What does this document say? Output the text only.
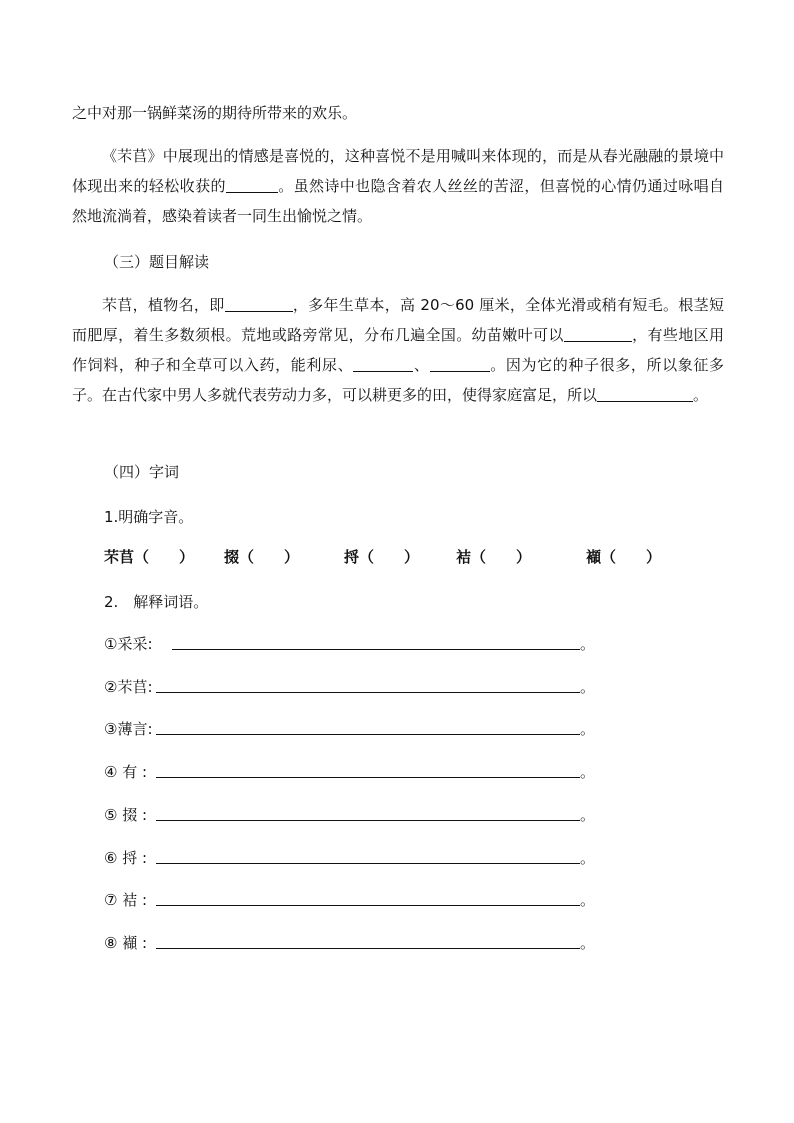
之中对那一锅鲜菜汤的期待所带来的欢乐。

《芣苢》中展现出的情感是喜悦的，这种喜悦不是用喊叫来体现的，而是从春光融融的景境中体现出来的轻松收获的	。虽然诗中也隐含着农人丝丝的苦涩，但喜悦的心情仍通过咏唱自然地流淌着，感染着读者一同生出愉悦之情。

（三）题目解读

芣苢，植物名，即	，多年生草本，高 20～60 厘米，全体光滑或稍有短毛。根茎短而肥厚，着生多数须根。荒地或路旁常见，分布几遍全国。幼苗嫩叶可以	，有些地区用作饲料，种子和全草可以入药，能利尿、	、	。因为它的种子很多，所以象征多子。在古代家中男人多就代表劳动力多，可以耕更多的田，使得家庭富足，所以	。

（四）字词

1.明确字音。

芣苢（　　） 掇（　　）	捋（　　） 袺（　　）	襭（　　）

2.　解释词语。

①采采:	。
②芣苢:	。
③薄言:	。
④ 有 :	。
⑤ 掇 :	。
⑥ 捋 :	。
⑦ 袺 :	。
⑧ 襭 :	。
